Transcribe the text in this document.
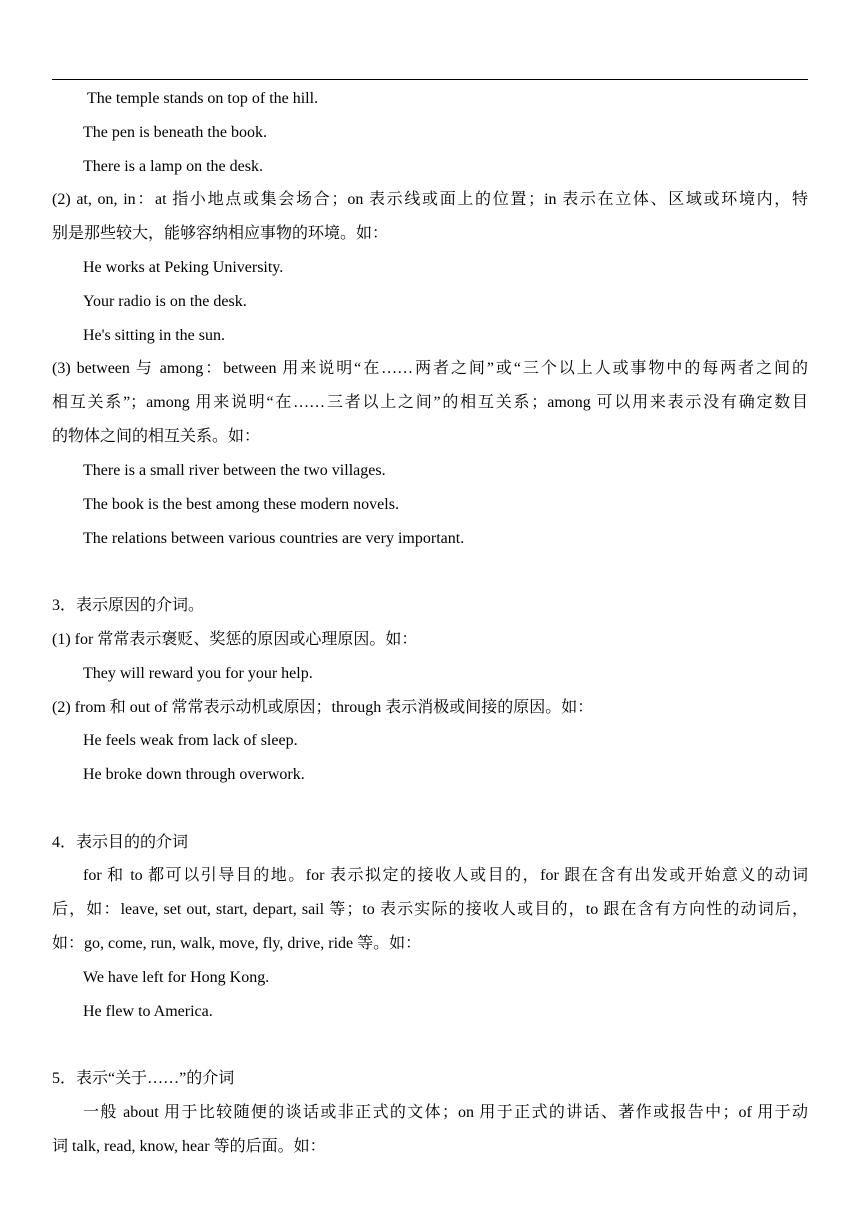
The temple stands on top of the hill.
The pen is beneath the book.
There is a lamp on the desk.
(2) at, on, in：at 指小地点或集会场合；on 表示线或面上的位置；in 表示在立体、区域或环境内，特
别是那些较大，能够容纳相应事物的环境。如：
He works at Peking University.
Your radio is on the desk.
He's sitting in the sun.
(3) between 与 among：between 用来说明“在……两者之间”或“三个以上人或事物中的每两者之间的
相互关系”；among 用来说明“在……三者以上之间”的相互关系；among 可以用来表示没有确定数目
的物体之间的相互关系。如：
There is a small river between the two villages.
The book is the best among these modern novels.
The relations between various countries are very important.
3．表示原因的介词。
(1) for 常常表示褒贬、奖惩的原因或心理原因。如：
They will reward you for your help.
(2) from 和 out of 常常表示动机或原因；through 表示消极或间接的原因。如：
He feels weak from lack of sleep.
He broke down through overwork.
4．表示目的的介词
for 和 to 都可以引导目的地。for 表示拟定的接收人或目的，for 跟在含有出发或开始意义的动词
后，如：leave, set out, start, depart, sail 等；to 表示实际的接收人或目的，to 跟在含有方向性的动词后，
如：go, come, run, walk, move, fly, drive, ride 等。如：
We have left for Hong Kong.
He flew to America.
5．表示“关于……”的介词
一般 about 用于比较随便的谈话或非正式的文体；on 用于正式的讲话、著作或报告中；of 用于动
词 talk, read, know, hear 等的后面。如：
